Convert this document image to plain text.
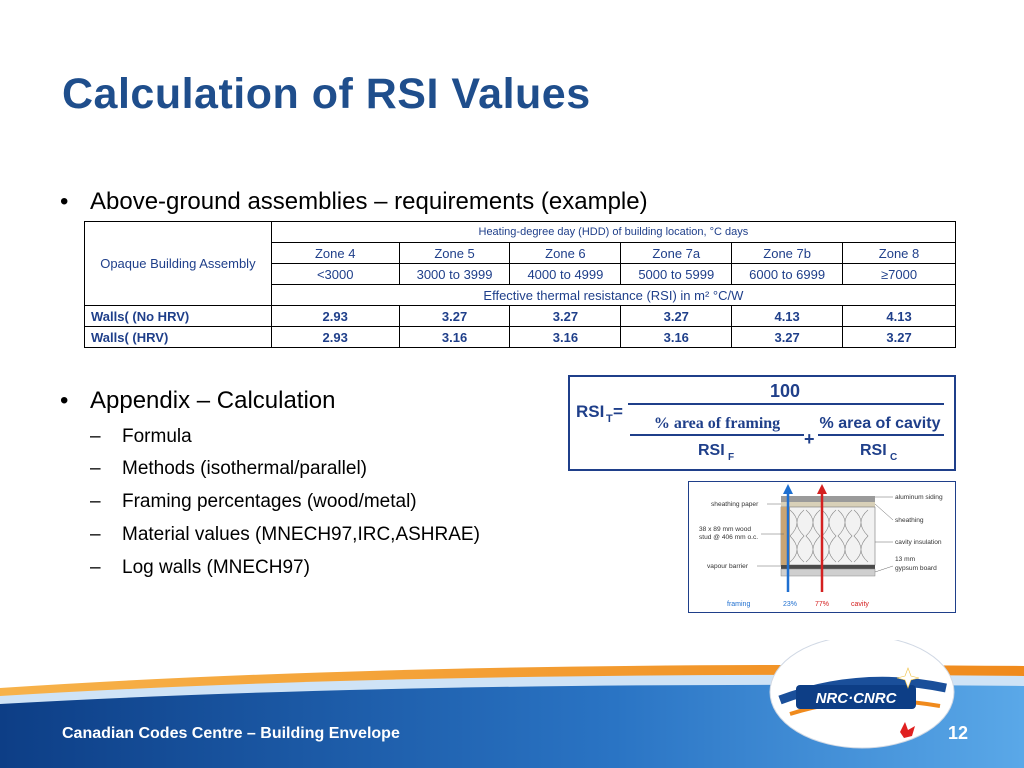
Calculation of RSI Values
• Above-ground assemblies – requirements (example)
Opaque Building Assembly	Heating-degree day (HDD) of building location, °C days					
	Zone 4	Zone 5	Zone 6	Zone 7a	Zone 7b	Zone 8
	<3000	3000 to 3999	4000 to 4999	5000 to 5999	6000 to 6999	≥7000
	Effective thermal resistance (RSI) in m² °C/W					
Walls( (No HRV)	2.93	3.27	3.27	3.27	4.13	4.13
Walls( (HRV)	2.93	3.16	3.16	3.16	3.27	3.27
• Appendix – Calculation
– Formula
– Methods (isothermal/parallel)
– Framing percentages (wood/metal)
– Material values (MNECH97,IRC,ASHRAE)
– Log walls (MNECH97)
RSI T =
100
% area of framing
RSI F
+
% area of cavity
RSI C
sheathing paper
38 x 89 mm wood
stud @ 406 mm o.c.
vapour barrier
aluminum siding
sheathing
cavity insulation
13 mm
gypsum board
framing	23%	77%	cavity
NRC·CNRC
Canadian Codes Centre – Building Envelope	12
